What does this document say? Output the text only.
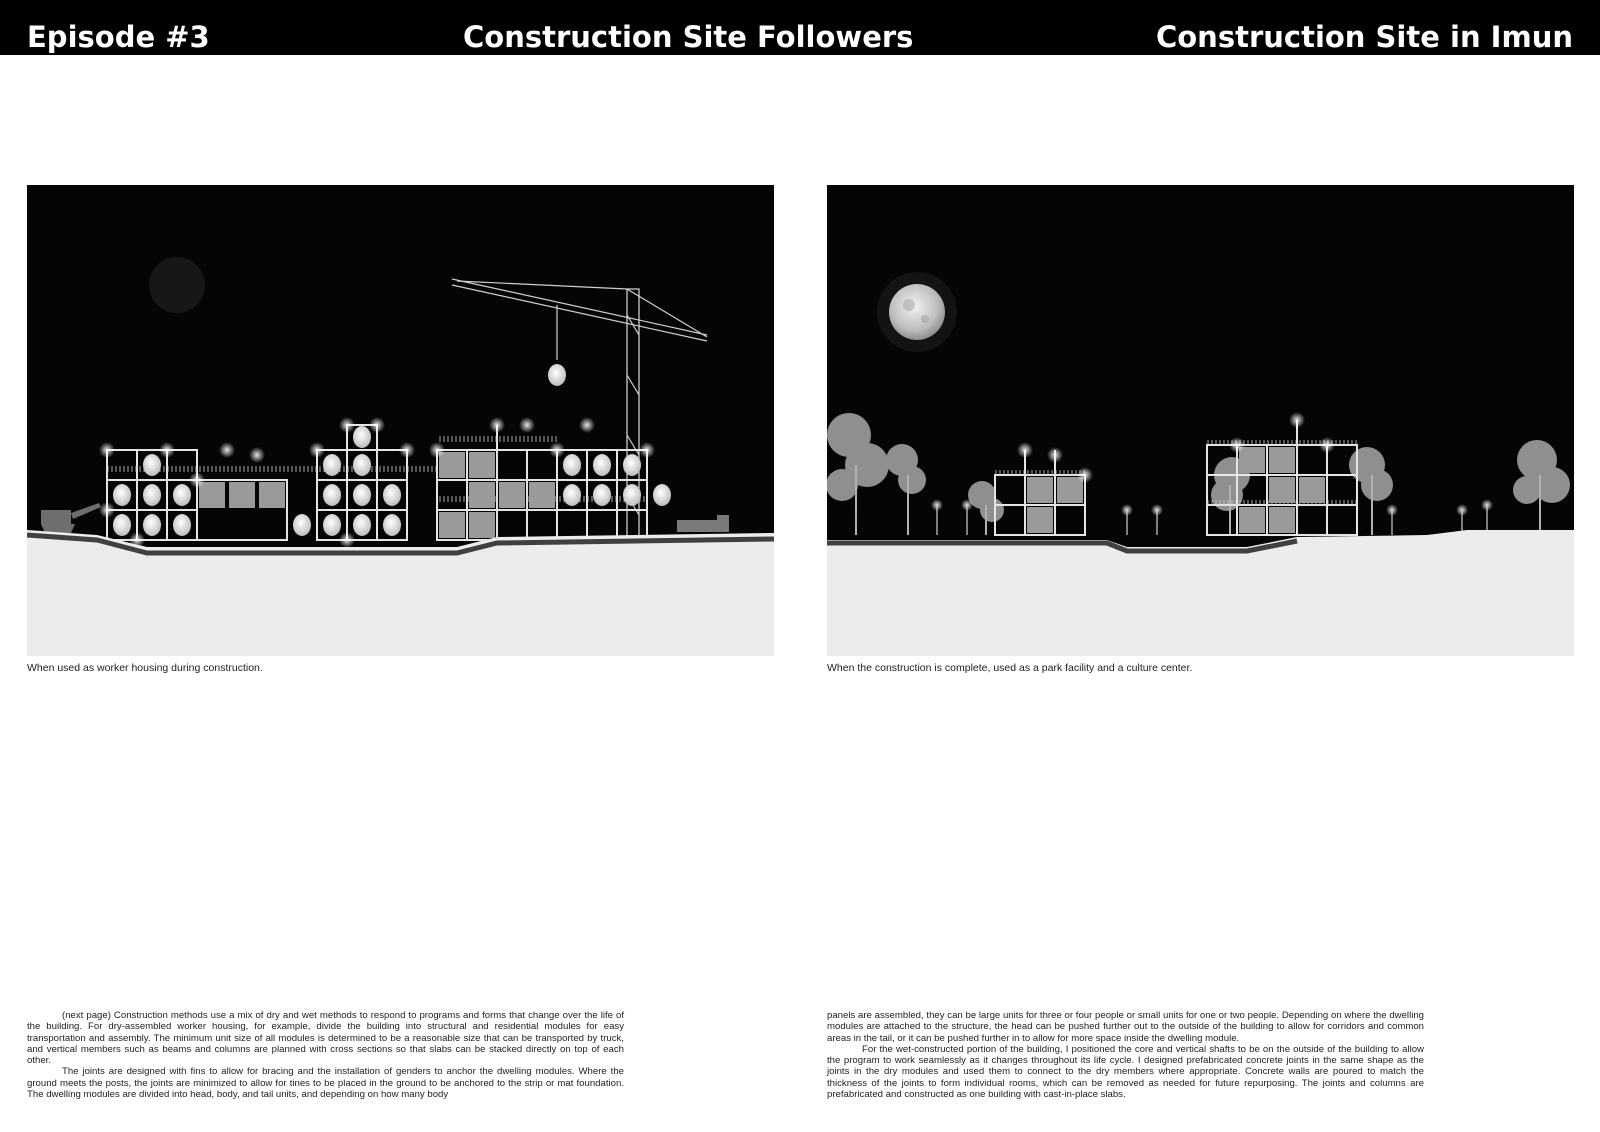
Episode #3	Construction Site Followers	Construction Site in Imun
When used as worker housing during construction.	When the construction is complete, used as a park facility and a culture center.

(next page) Construction methods use a mix of dry and wet methods to respond to programs and forms that change over the life of the building. For dry-assembled worker housing, for example, divide the building into structural and residential modules for easy transportation and assembly. The minimum unit size of all modules is determined to be a reasonable size that can be transported by truck, and vertical members such as beams and columns are planned with cross sections so that slabs can be stacked directly on top of each other.

The joints are designed with fins to allow for bracing and the installation of genders to anchor the dwelling modules. Where the ground meets the posts, the joints are minimized to allow for tines to be placed in the ground to be anchored to the strip or mat foundation. The dwelling modules are divided into head, body, and tail units, and depending on how many body

panels are assembled, they can be large units for three or four people or small units for one or two people. Depending on where the dwelling modules are attached to the structure, the head can be pushed further out to the outside of the building to allow for corridors and common areas in the tail, or it can be pushed further in to allow for more space inside the dwelling module.

For the wet-constructed portion of the building, I positioned the core and vertical shafts to be on the outside of the building to allow the program to work seamlessly as it changes throughout its life cycle. I designed prefabricated concrete joints in the same shape as the joints in the dry modules and used them to connect to the dry members where appropriate. Concrete walls are poured to match the thickness of the joints to form individual rooms, which can be removed as needed for future repurposing. The joints and columns are prefabricated and constructed as one building with cast-in-place slabs.
